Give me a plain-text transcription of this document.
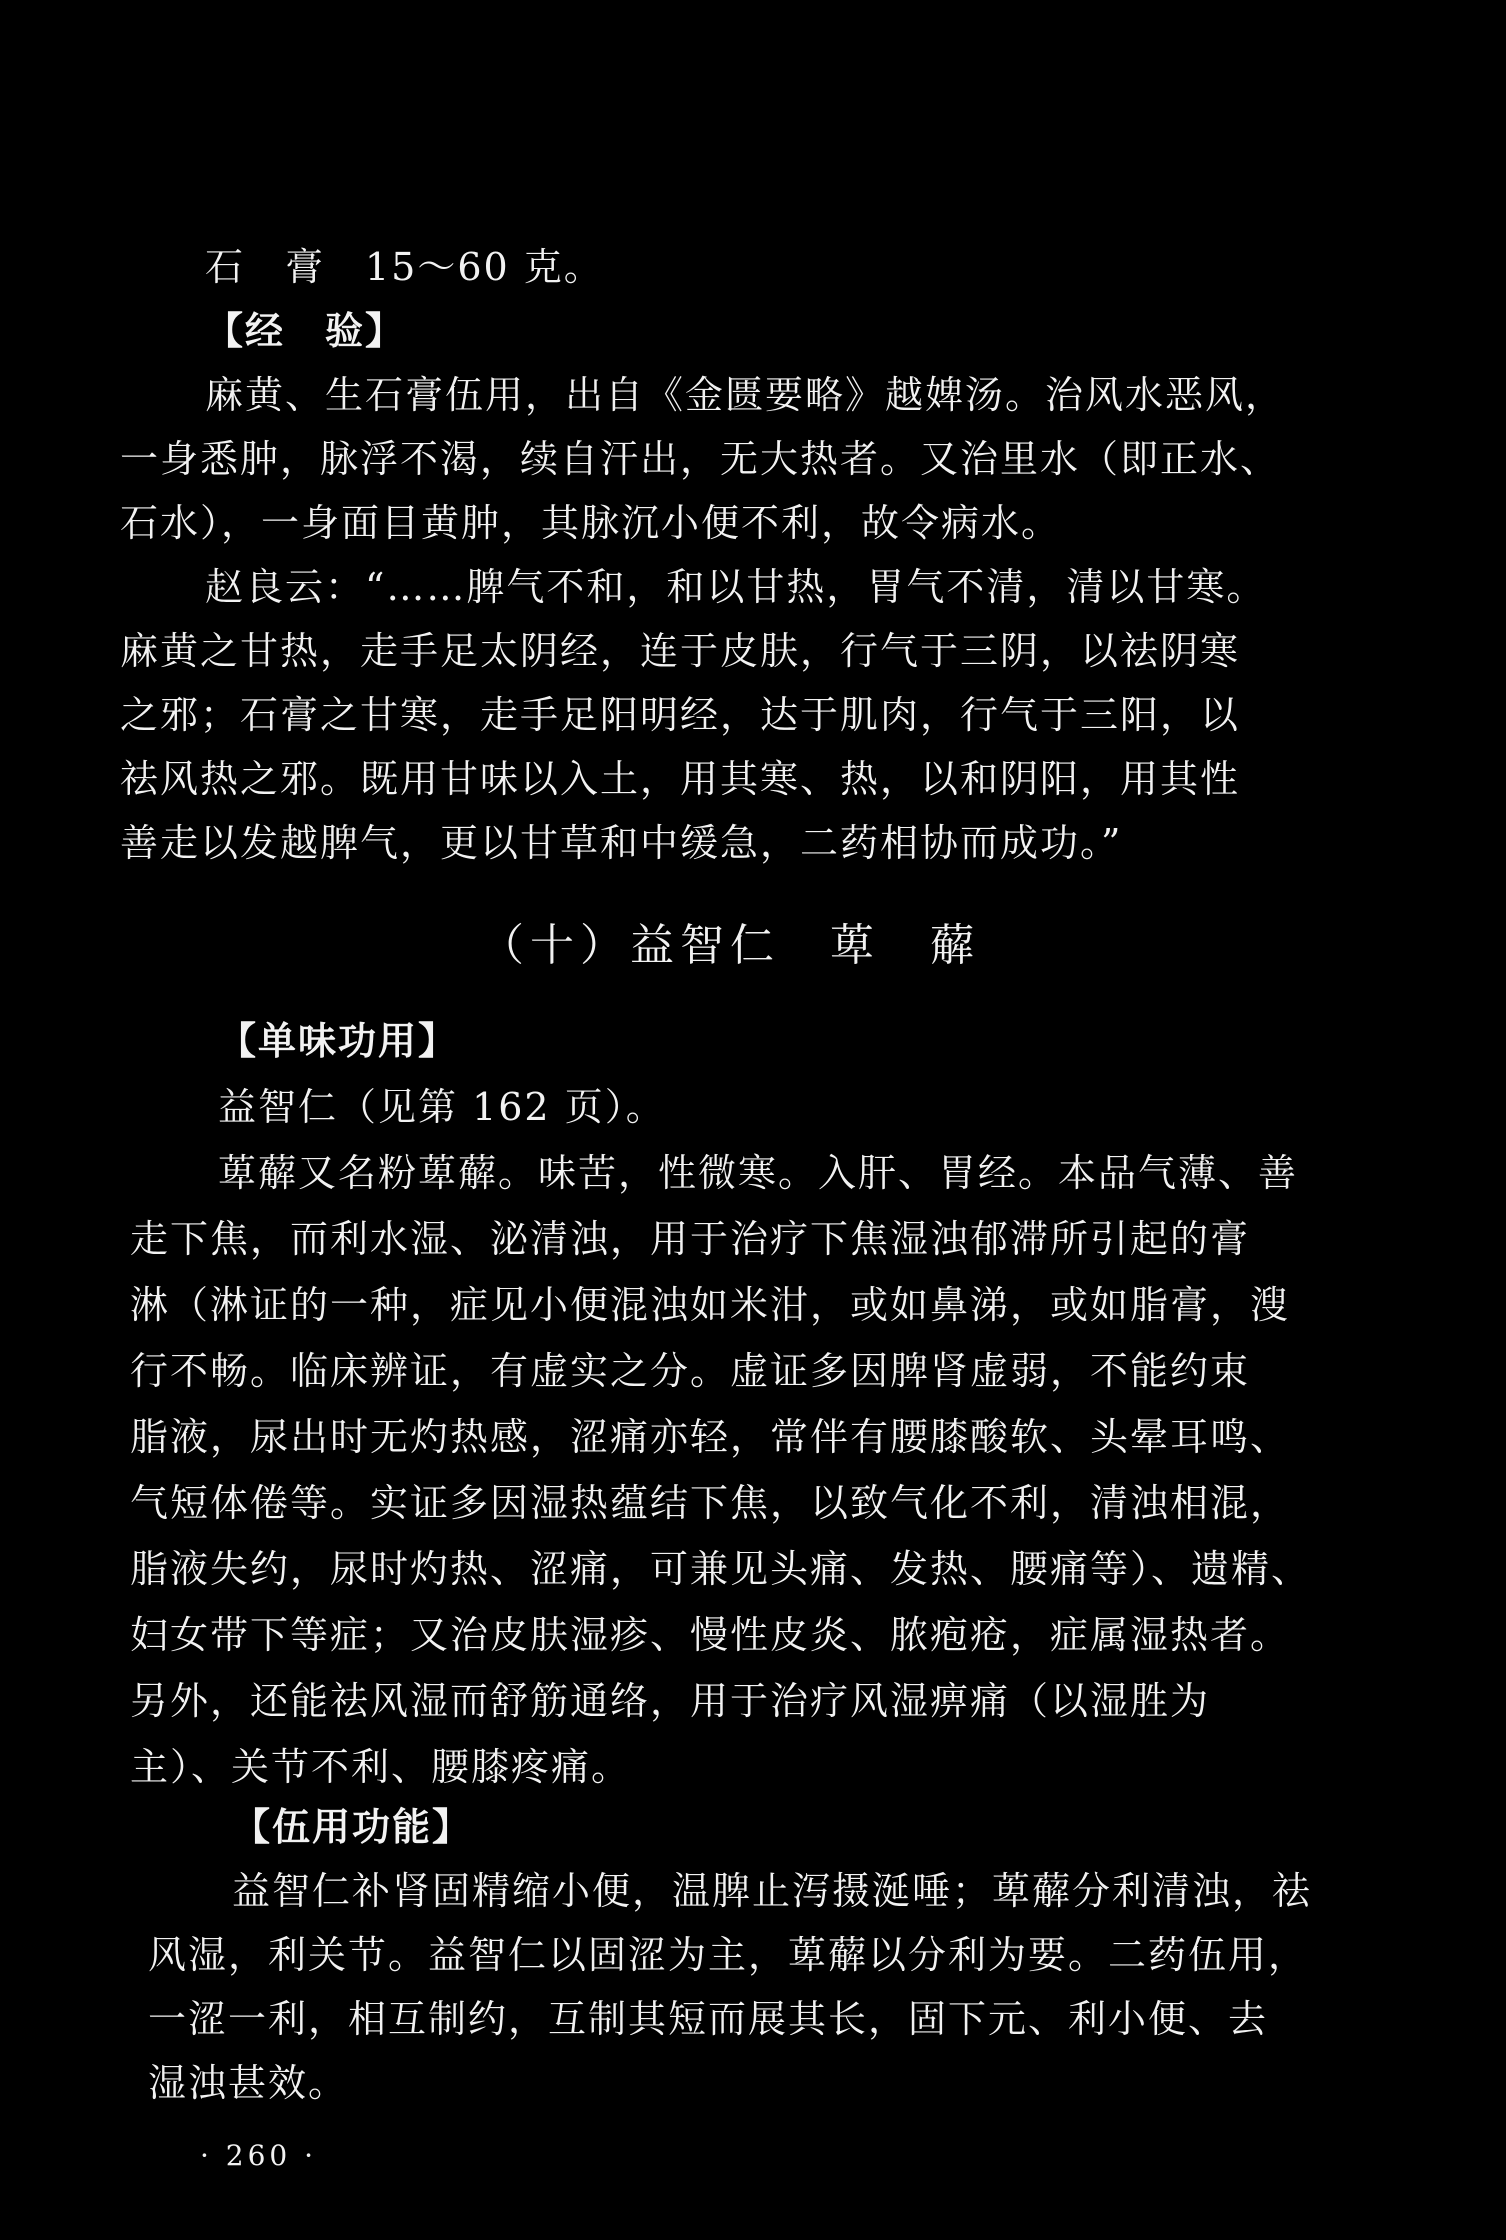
石　膏　15～60 克。
【经　验】
麻黄、生石膏伍用，出自《金匮要略》越婢汤。治风水恶风，
一身悉肿，脉浮不渴，续自汗出，无大热者。又治里水（即正水、
石水），一身面目黄肿，其脉沉小便不利，故令病水。
赵良云：“……脾气不和，和以甘热，胃气不清，清以甘寒。
麻黄之甘热，走手足太阴经，连于皮肤，行气于三阴，以祛阴寒
之邪；石膏之甘寒，走手足阳明经，达于肌肉，行气于三阳，以
祛风热之邪。既用甘味以入土，用其寒、热，以和阴阳，用其性
善走以发越脾气，更以甘草和中缓急，二药相协而成功。”
（十）益智仁　萆　薢
【单味功用】
益智仁（见第 162 页）。
萆薢又名粉萆薢。味苦，性微寒。入肝、胃经。本品气薄、善
走下焦，而利水湿、泌清浊，用于治疗下焦湿浊郁滞所引起的膏
淋（淋证的一种，症见小便混浊如米泔，或如鼻涕，或如脂膏，溲
行不畅。临床辨证，有虚实之分。虚证多因脾肾虚弱，不能约束
脂液，尿出时无灼热感，涩痛亦轻，常伴有腰膝酸软、头晕耳鸣、
气短体倦等。实证多因湿热蕴结下焦，以致气化不利，清浊相混，
脂液失约，尿时灼热、涩痛，可兼见头痛、发热、腰痛等）、遗精、
妇女带下等症；又治皮肤湿疹、慢性皮炎、脓疱疮，症属湿热者。
另外，还能祛风湿而舒筋通络，用于治疗风湿痹痛（以湿胜为
主）、关节不利、腰膝疼痛。
【伍用功能】
益智仁补肾固精缩小便，温脾止泻摄涎唾；萆薢分利清浊，祛
风湿，利关节。益智仁以固涩为主，萆薢以分利为要。二药伍用，
一涩一利，相互制约，互制其短而展其长，固下元、利小便、去
湿浊甚效。
· 260 ·
